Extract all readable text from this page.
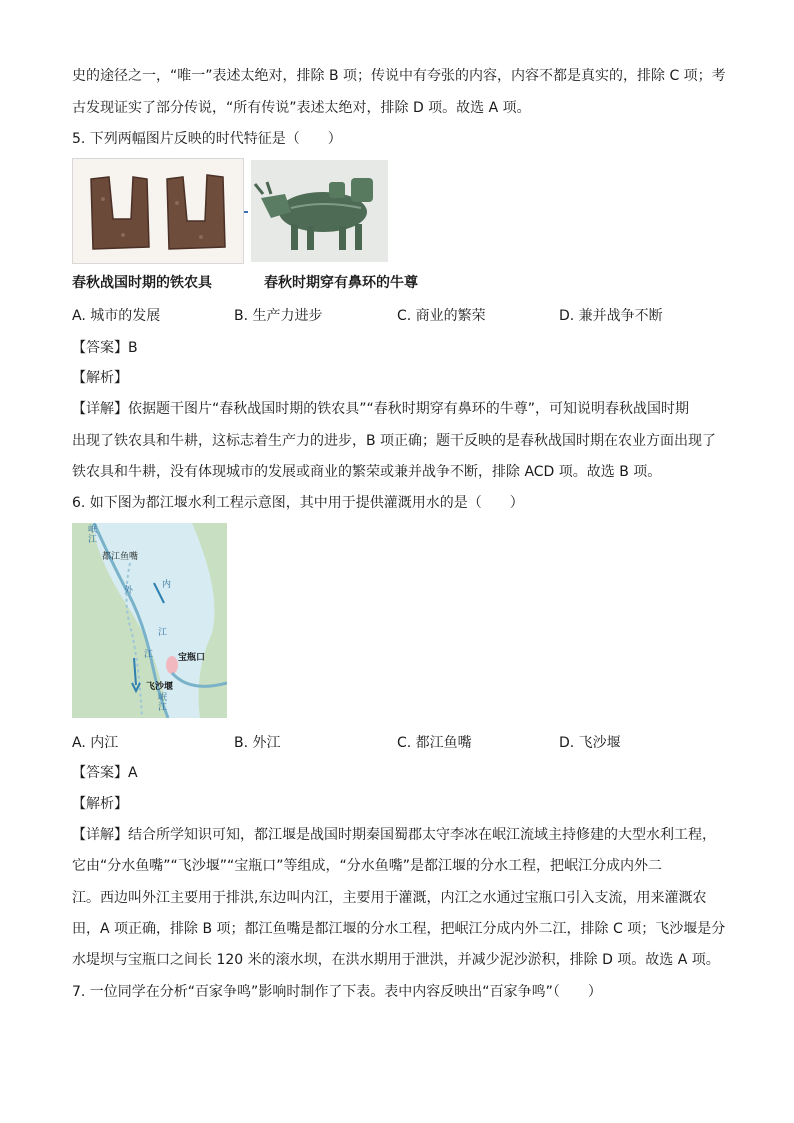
史的途径之一，“唯一”表述太绝对，排除 B 项；传说中有夸张的内容，内容不都是真实的，排除 C 项；考
古发现证实了部分传说，“所有传说”表述太绝对，排除 D 项。故选 A 项。
5. 下列两幅图片反映的时代特征是（　　）
春秋战国时期的铁农具	春秋时期穿有鼻环的牛尊
A. 城市的发展	B. 生产力进步	C. 商业的繁荣	D. 兼并战争不断
【答案】B
【解析】
【详解】依据题干图片“春秋战国时期的铁农具”“春秋时期穿有鼻环的牛尊”，可知说明春秋战国时期
出现了铁农具和牛耕，这标志着生产力的进步，B 项正确；题干反映的是春秋战国时期在农业方面出现了
铁农具和牛耕，没有体现城市的发展或商业的繁荣或兼并战争不断，排除 ACD 项。故选 B 项。
6. 如下图为都江堰水利工程示意图，其中用于提供灌溉用水的是（　　）
岷
江
都江鱼嘴
内
江
外
江	宝瓶口
飞沙堰
岷
江
A. 内江	B. 外江	C. 都江鱼嘴	D. 飞沙堰
【答案】A
【解析】
【详解】结合所学知识可知，都江堰是战国时期秦国蜀郡太守李冰在岷江流域主持修建的大型水利工程，
它由“分水鱼嘴”“飞沙堰”“宝瓶口”等组成，“分水鱼嘴”是都江堰的分水工程，把岷江分成内外二
江。西边叫外江主要用于排洪,东边叫内江，主要用于灌溉，内江之水通过宝瓶口引入支流，用来灌溉农
田，A 项正确，排除 B 项；都江鱼嘴是都江堰的分水工程，把岷江分成内外二江，排除 C 项；飞沙堰是分
水堤坝与宝瓶口之间长 120 米的滚水坝，在洪水期用于泄洪，并减少泥沙淤积，排除 D 项。故选 A 项。
7. 一位同学在分析“百家争鸣”影响时制作了下表。表中内容反映出“百家争鸣”（　　）
